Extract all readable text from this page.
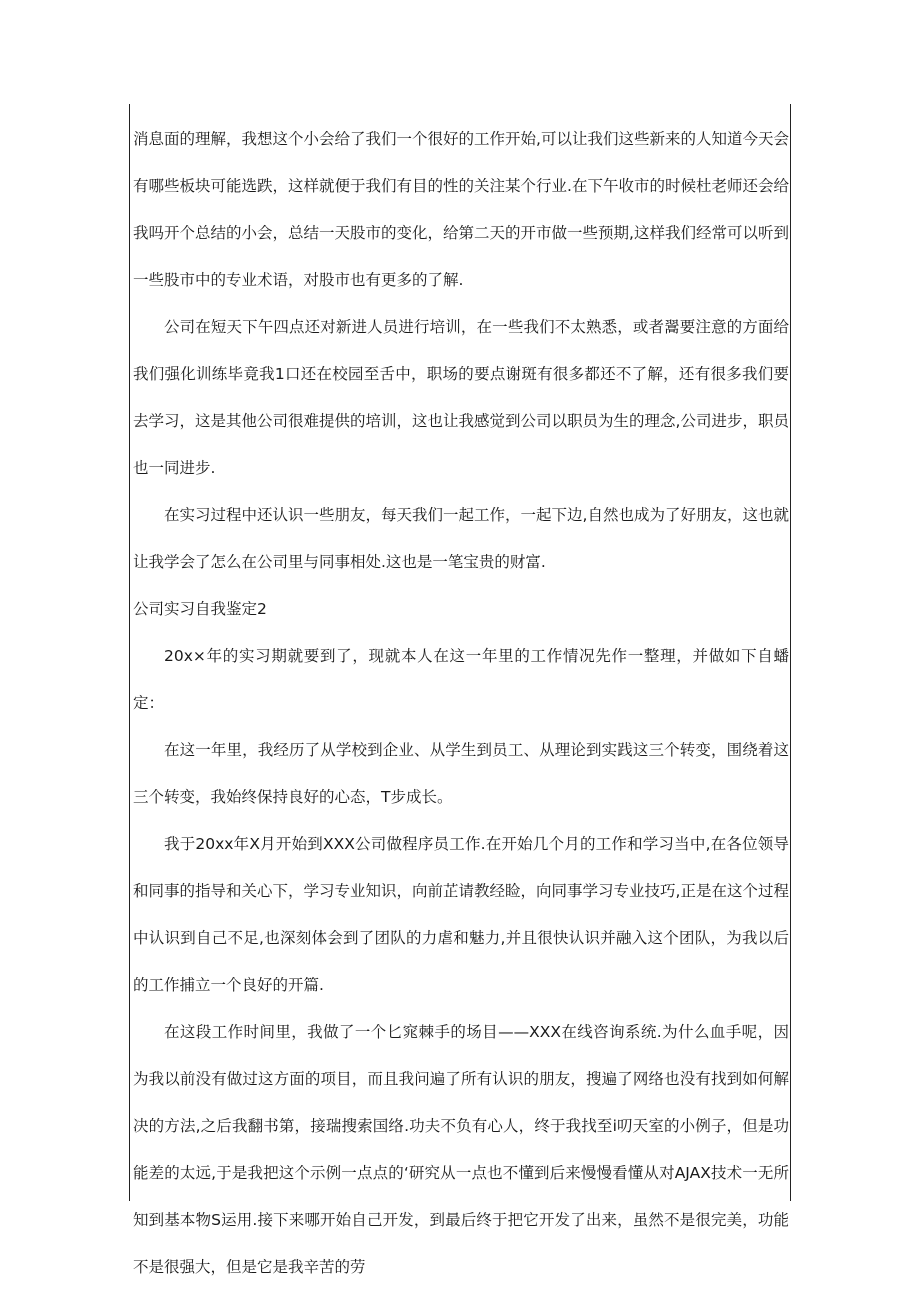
消息面的理解，我想这个小会给了我们一个很好的工作开始,可以让我们这些新来的人知道今天会有哪些板块可能选跌，这样就便于我们有目的性的关注某个行业.在下午收市的时候杜老师还会给我吗开个总结的小会，总结一天股市的变化，给第二天的开市做一些预期,这样我们经常可以听到一些股市中的专业术语，对股市也有更多的了解.

公司在短天下午四点还对新进人员进行培训，在一些我们不太熟悉，或者翯要注意的方面给我们强化训练毕竟我1口还在校园至舌中，职场的要点谢斑有很多都还不了解，还有很多我们要去学习，这是其他公司很难提供的培训，这也让我感觉到公司以职员为生的理念,公司进步，职员也一同进步.

在实习过程中还认识一些朋友，每天我们一起工作，一起下边,自然也成为了好朋友，这也就让我学会了怎么在公司里与同事相处.这也是一笔宝贵的财富.

公司实习自我鉴定2

20x×年的实习期就要到了，现就本人在这一年里的工作情况先作一整理，并做如下自蟠定：

在这一年里，我经历了从学校到企业、从学生到员工、从理论到实践这三个转变，围绕着这三个转变，我始终保持良好的心态，T步成长。

我于20xx年X月开始到XXX公司做程序员工作.在开始几个月的工作和学习当中,在各位领导和同事的指导和关心下，学习专业知识，向前芷请教经睑，向同事学习专业技巧,正是在这个过程中认识到自己不足,也深刻体会到了团队的力虐和魅力,并且很快认识并融入这个团队，为我以后的工作捕立一个良好的开篇.

在这段工作时间里，我做了一个匕窕棘手的场目——XXX在线咨询系统.为什么血手呢，因为我以前没有做过这方面的项目，而且我问遍了所有认识的朋友，搜遍了网络也没有找到如何解决的方法,之后我翻书第，接瑞搜索国络.功夫不负有心人，终于我找至i叨天室的小例子，但是功能差的太远,于是我把这个示例一点点的‘研究从一点也不懂到后来慢慢看懂从对AJAX技术一无所知到基本物S运用.接下来哪开始自己开发，到最后终于把它开发了出来，虽然不是很完美，功能不是很强大，但是它是我辛苦的劳
